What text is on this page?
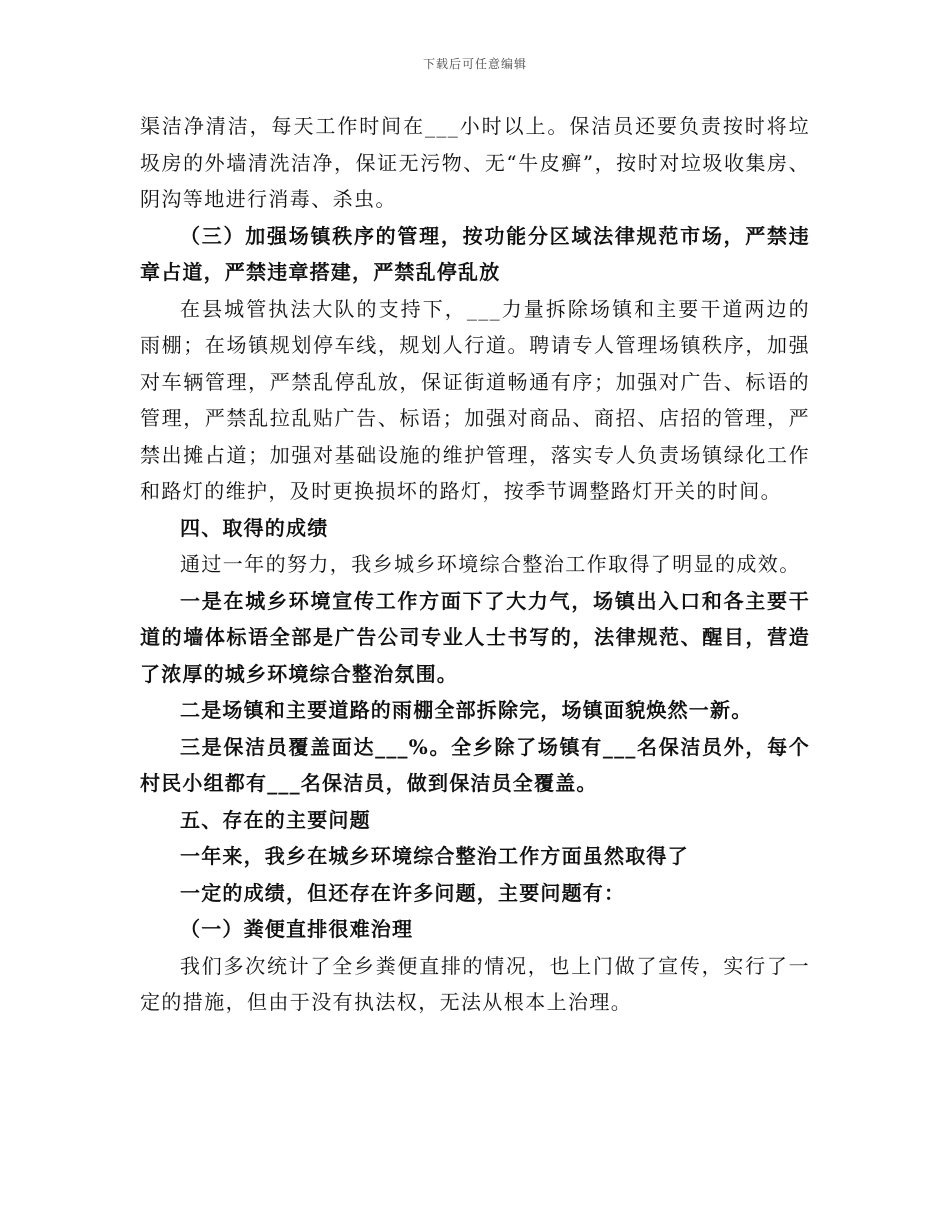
下载后可任意编辑

渠洁净清洁，每天工作时间在___小时以上。保洁员还要负责按时将垃圾房的外墙清洗洁净，保证无污物、无“牛皮癣”，按时对垃圾收集房、阴沟等地进行消毒、杀虫。

（三）加强场镇秩序的管理，按功能分区域法律规范市场，严禁违章占道，严禁违章搭建，严禁乱停乱放

在县城管执法大队的支持下，___力量拆除场镇和主要干道两边的雨棚；在场镇规划停车线，规划人行道。聘请专人管理场镇秩序，加强对车辆管理，严禁乱停乱放，保证街道畅通有序；加强对广告、标语的管理，严禁乱拉乱贴广告、标语；加强对商品、商招、店招的管理，严禁出摊占道；加强对基础设施的维护管理，落实专人负责场镇绿化工作和路灯的维护，及时更换损坏的路灯，按季节调整路灯开关的时间。

四、取得的成绩

通过一年的努力，我乡城乡环境综合整治工作取得了明显的成效。

一是在城乡环境宣传工作方面下了大力气，场镇出入口和各主要干道的墙体标语全部是广告公司专业人士书写的，法律规范、醒目，营造了浓厚的城乡环境综合整治氛围。

二是场镇和主要道路的雨棚全部拆除完，场镇面貌焕然一新。

三是保洁员覆盖面达___%。全乡除了场镇有___名保洁员外，每个村民小组都有___名保洁员，做到保洁员全覆盖。

五、存在的主要问题

一年来，我乡在城乡环境综合整治工作方面虽然取得了

一定的成绩，但还存在许多问题，主要问题有：

（一）粪便直排很难治理

我们多次统计了全乡粪便直排的情况，也上门做了宣传，实行了一定的措施，但由于没有执法权，无法从根本上治理。
